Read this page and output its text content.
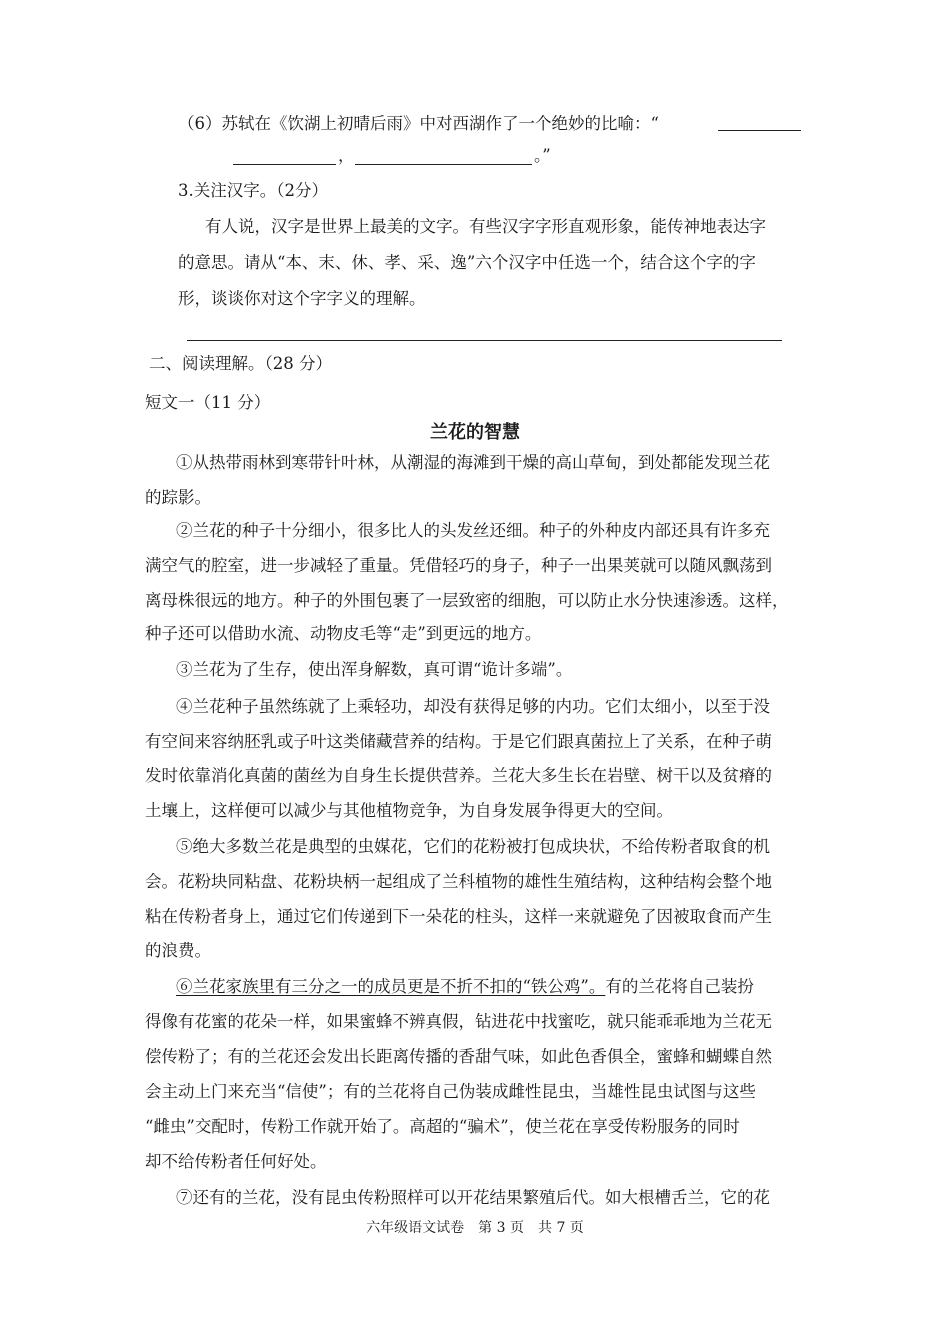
（6）苏轼在《饮湖上初晴后雨》中对西湖作了一个绝妙的比喻：“
，	。”
3.关注汉字。（2分）
有人说，汉字是世界上最美的文字。有些汉字字形直观形象，能传神地表达字
的意思。请从“本、末、休、孝、采、逸”六个汉字中任选一个，结合这个字的字
形，谈谈你对这个字字义的理解。
二、阅读理解。（28 分）
短文一（11 分）
兰花的智慧
①从热带雨林到寒带针叶林，从潮湿的海滩到干燥的高山草甸，到处都能发现兰花
的踪影。
②兰花的种子十分细小，很多比人的头发丝还细。种子的外种皮内部还具有许多充
满空气的腔室，进一步减轻了重量。凭借轻巧的身子，种子一出果荚就可以随风飘荡到
离母株很远的地方。种子的外围包裹了一层致密的细胞，可以防止水分快速渗透。这样，
种子还可以借助水流、动物皮毛等“走”到更远的地方。
③兰花为了生存，使出浑身解数，真可谓“诡计多端”。
④兰花种子虽然练就了上乘轻功，却没有获得足够的内功。它们太细小，以至于没
有空间来容纳胚乳或子叶这类储藏营养的结构。于是它们跟真菌拉上了关系，在种子萌
发时依靠消化真菌的菌丝为自身生长提供营养。兰花大多生长在岩壁、树干以及贫瘠的
土壤上，这样便可以减少与其他植物竞争，为自身发展争得更大的空间。
⑤绝大多数兰花是典型的虫媒花，它们的花粉被打包成块状，不给传粉者取食的机
会。花粉块同粘盘、花粉块柄一起组成了兰科植物的雄性生殖结构，这种结构会整个地
粘在传粉者身上，通过它们传递到下一朵花的柱头，这样一来就避免了因被取食而产生
的浪费。
⑥兰花家族里有三分之一的成员更是不折不扣的“铁公鸡”。有的兰花将自己装扮
得像有花蜜的花朵一样，如果蜜蜂不辨真假，钻进花中找蜜吃，就只能乖乖地为兰花无
偿传粉了；有的兰花还会发出长距离传播的香甜气味，如此色香俱全，蜜蜂和蝴蝶自然
会主动上门来充当“信使”；有的兰花将自己伪装成雌性昆虫，当雄性昆虫试图与这些
“雌虫”交配时，传粉工作就开始了。高超的“骗术”，使兰花在享受传粉服务的同时
却不给传粉者任何好处。
⑦还有的兰花，没有昆虫传粉照样可以开花结果繁殖后代。如大根槽舌兰，它的花
六年级语文试卷　第 3 页　共 7 页
